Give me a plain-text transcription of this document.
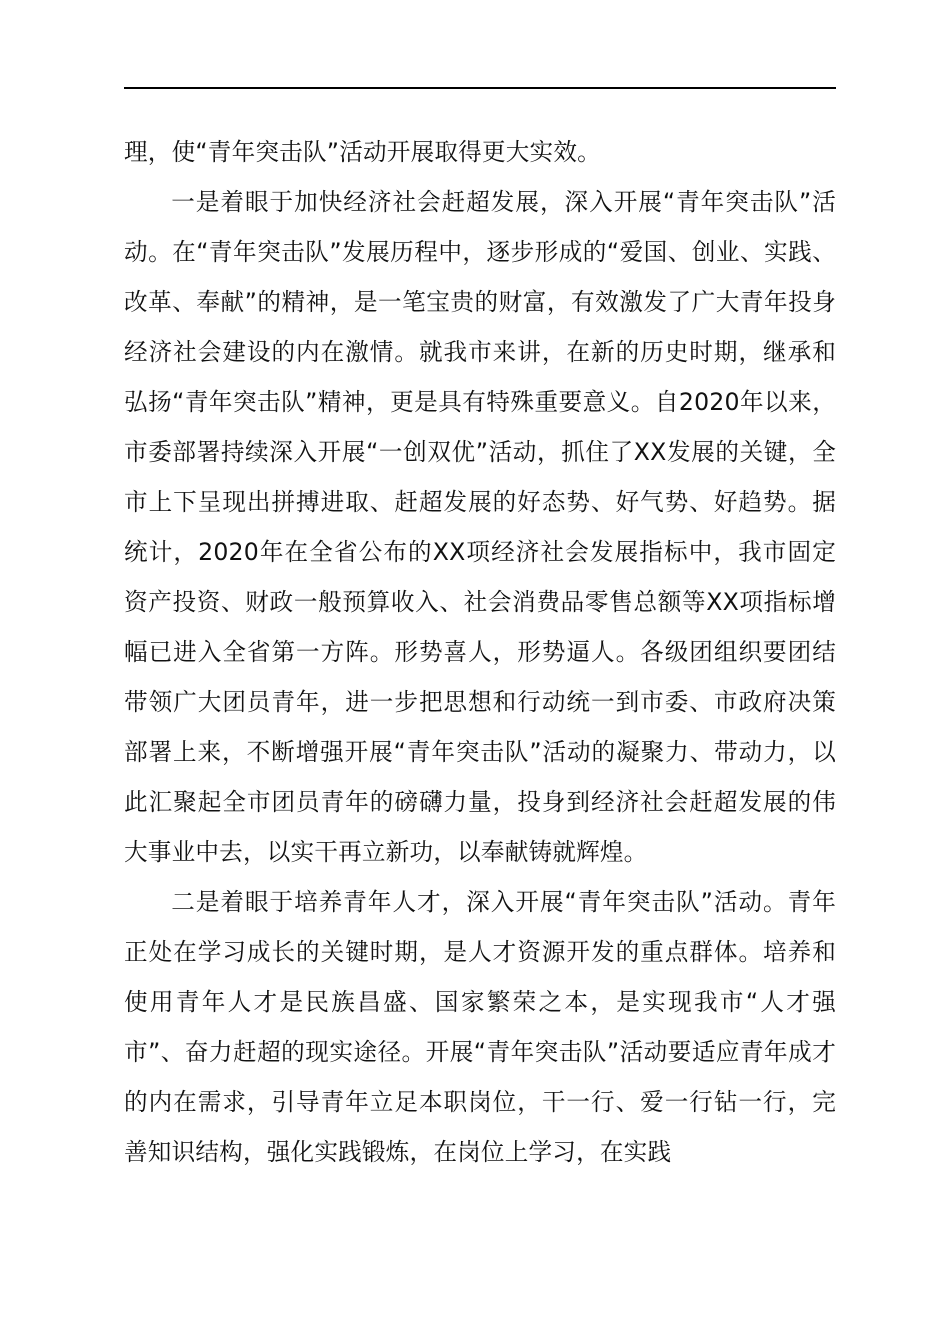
理，使“青年突击队”活动开展取得更大实效。

一是着眼于加快经济社会赶超发展，深入开展“青年突击队”活动。在“青年突击队”发展历程中，逐步形成的“爱国、创业、实践、改革、奉献”的精神，是一笔宝贵的财富，有效激发了广大青年投身经济社会建设的内在激情。就我市来讲，在新的历史时期，继承和弘扬“青年突击队”精神，更是具有特殊重要意义。自2020年以来，市委部署持续深入开展“一创双优”活动，抓住了XX发展的关键，全市上下呈现出拼搏进取、赶超发展的好态势、好气势、好趋势。据统计，2020年在全省公布的XX项经济社会发展指标中，我市固定资产投资、财政一般预算收入、社会消费品零售总额等XX项指标增幅已进入全省第一方阵。形势喜人，形势逼人。各级团组织要团结带领广大团员青年，进一步把思想和行动统一到市委、市政府决策部署上来，不断增强开展“青年突击队”活动的凝聚力、带动力，以此汇聚起全市团员青年的磅礴力量，投身到经济社会赶超发展的伟大事业中去，以实干再立新功，以奉献铸就辉煌。

二是着眼于培养青年人才，深入开展“青年突击队”活动。青年正处在学习成长的关键时期，是人才资源开发的重点群体。培养和使用青年人才是民族昌盛、国家繁荣之本，是实现我市“人才强市”、奋力赶超的现实途径。开展“青年突击队”活动要适应青年成才的内在需求，引导青年立足本职岗位，干一行、爱一行钻一行，完善知识结构，强化实践锻炼，在岗位上学习，在实践
